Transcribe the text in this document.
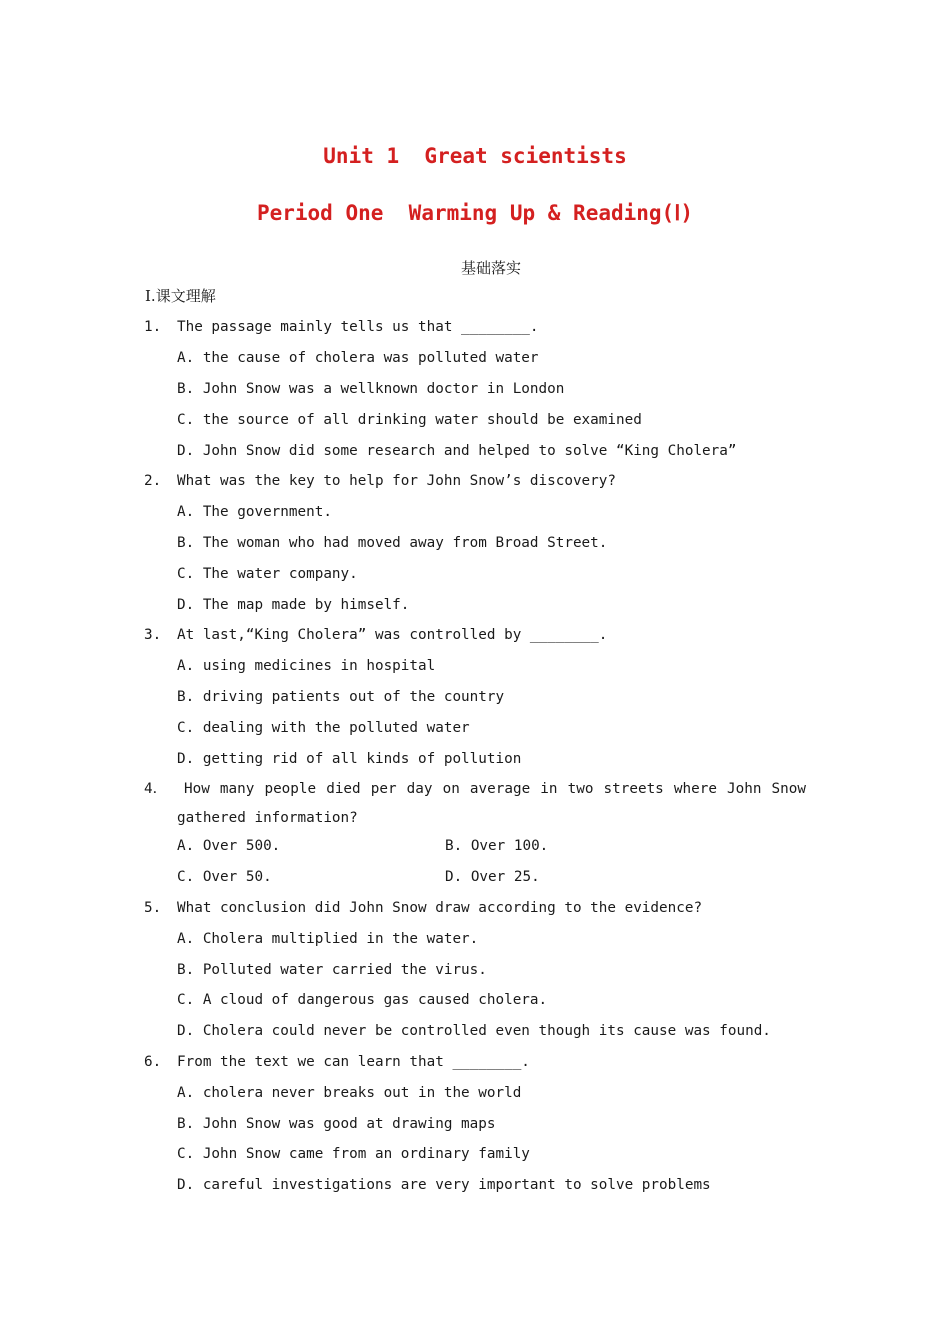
Unit 1  Great scientists
Period One  Warming Up & Reading(Ⅰ)
基础落实
Ⅰ.课文理解
1. The passage mainly tells us that ________.
A. the cause of cholera was polluted water
B. John Snow was a wellknown doctor in London
C. the source of all drinking water should be examined
D. John Snow did some research and helped to solve “King Cholera”
2. What was the key to help for John Snow’s discovery?
A. The government.
B. The woman who had moved away from Broad Street.
C. The water company.
D. The map made by himself.
3. At last,“King Cholera” was controlled by ________.
A. using medicines in hospital
B. driving patients out of the country
C. dealing with the polluted water
D. getting rid of all kinds of pollution
4． How many people died per day on average in two streets where John Snow
gathered information?
A. Over 500.	B. Over 100.
C. Over 50.	D. Over 25.
5. What conclusion did John Snow draw according to the evidence?
A. Cholera multiplied in the water.
B. Polluted water carried the virus.
C. A cloud of dangerous gas caused cholera.
D. Cholera could never be controlled even though its cause was found.
6. From the text we can learn that ________.
A. cholera never breaks out in the world
B. John Snow was good at drawing maps
C. John Snow came from an ordinary family
D. careful investigations are very important to solve problems
